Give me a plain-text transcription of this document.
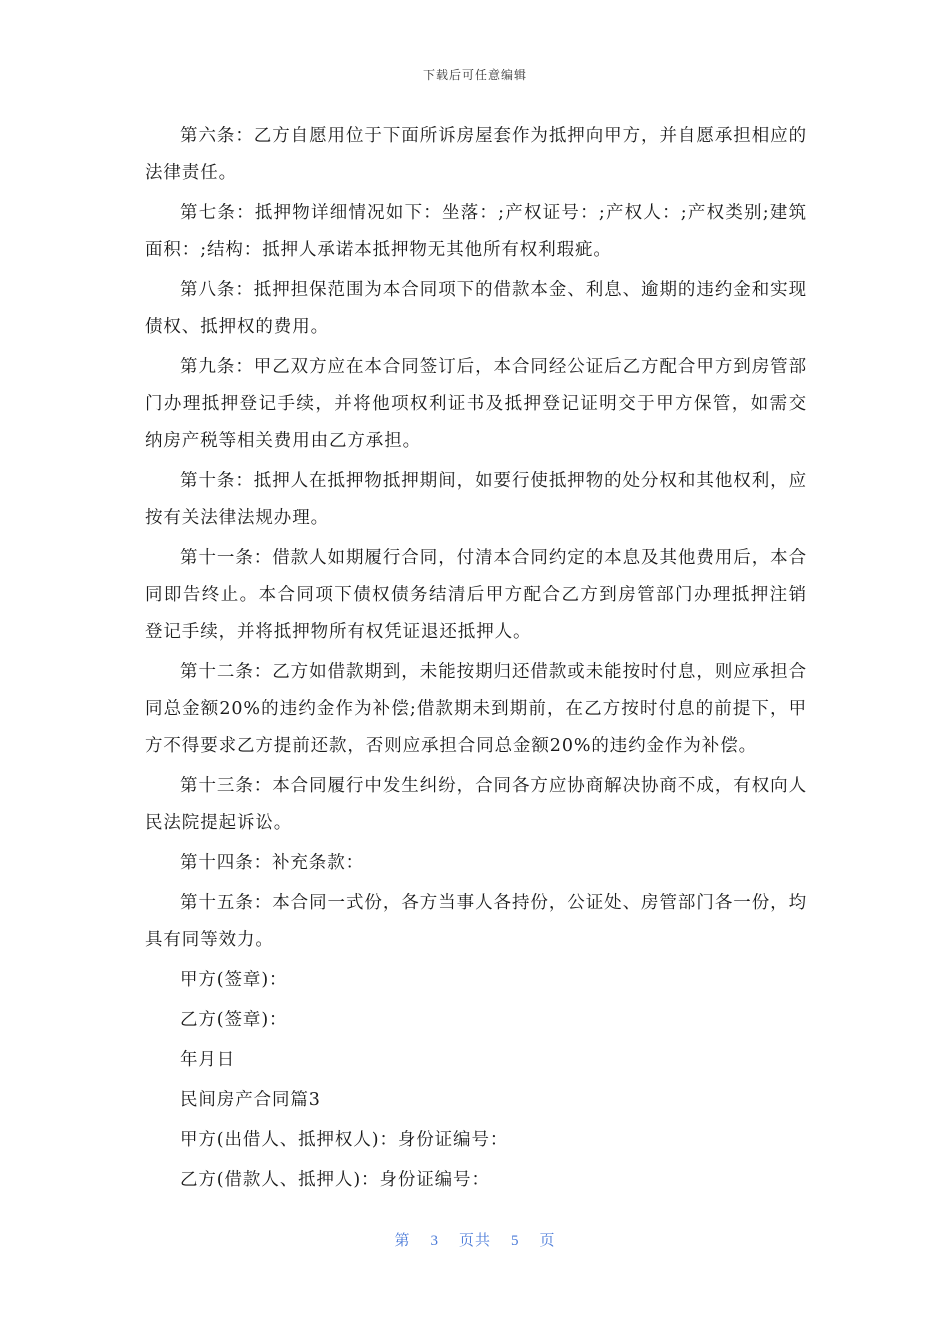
下载后可任意编辑

第六条：乙方自愿用位于下面所诉房屋套作为抵押向甲方，并自愿承担相应的法律责任。

第七条：抵押物详细情况如下：坐落：;产权证号：;产权人：;产权类别;建筑面积：;结构：抵押人承诺本抵押物无其他所有权利瑕疵。

第八条：抵押担保范围为本合同项下的借款本金、利息、逾期的违约金和实现债权、抵押权的费用。

第九条：甲乙双方应在本合同签订后，本合同经公证后乙方配合甲方到房管部门办理抵押登记手续，并将他项权利证书及抵押登记证明交于甲方保管，如需交纳房产税等相关费用由乙方承担。

第十条：抵押人在抵押物抵押期间，如要行使抵押物的处分权和其他权利，应按有关法律法规办理。

第十一条：借款人如期履行合同，付清本合同约定的本息及其他费用后，本合同即告终止。本合同项下债权债务结清后甲方配合乙方到房管部门办理抵押注销登记手续，并将抵押物所有权凭证退还抵押人。

第十二条：乙方如借款期到，未能按期归还借款或未能按时付息，则应承担合同总金额20%的违约金作为补偿;借款期未到期前，在乙方按时付息的前提下，甲方不得要求乙方提前还款，否则应承担合同总金额20%的违约金作为补偿。

第十三条：本合同履行中发生纠纷，合同各方应协商解决协商不成，有权向人民法院提起诉讼。

第十四条：补充条款：

第十五条：本合同一式份，各方当事人各持份，公证处、房管部门各一份，均具有同等效力。

甲方(签章)：

乙方(签章)：

年月日

民间房产合同篇3

甲方(出借人、抵押权人)：身份证编号：

乙方(借款人、抵押人)：身份证编号：

第 3 页共 5 页
